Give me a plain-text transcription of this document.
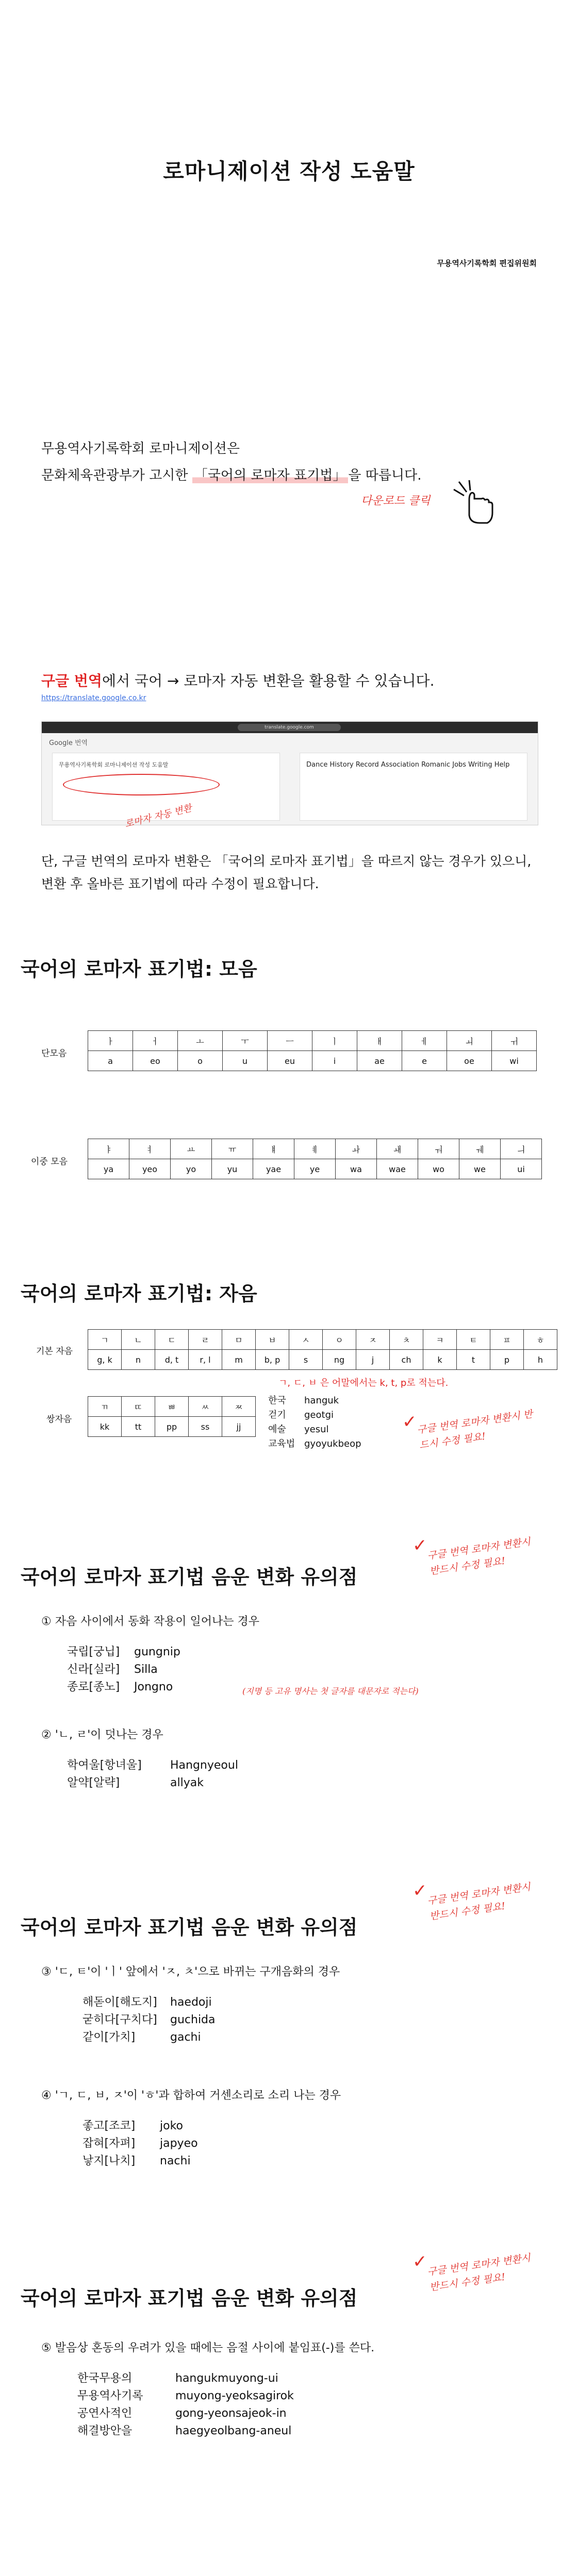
로마니제이션 작성 도움말
무용역사기록학회 편집위원회
무용역사기록학회 로마니제이션은
문화체육관광부가 고시한 「국어의 로마자 표기법」 을 따릅니다.
다운로드 클릭
구글 번역에서 국어 → 로마자 자동 변환을 활용할 수 있습니다.
https://translate.google.co.kr
translate.google.com
Google 번역
무용역사기록학회 로마니제이션 작성 도움말	Dance History Record Association Romanic Jobs Writing Help
로마자 자동 변환
단, 구글 번역의 로마자 변환은 「국어의 로마자 표기법」을 따르지 않는 경우가 있으니, 변환 후 올바른 표기법에 따라 수정이 필요합니다.
국어의 로마자 표기법: 모음
단모음
ㅏ	ㅓ	ㅗ	ㅜ	ㅡ	ㅣ	ㅐ	ㅔ	ㅚ	ㅟ
a	eo	o	u	eu	i	ae	e	oe	wi
이중 모음
ㅑ	ㅕ	ㅛ	ㅠ	ㅒ	ㅖ	ㅘ	ㅙ	ㅝ	ㅞ	ㅢ
ya	yeo	yo	yu	yae	ye	wa	wae	wo	we	ui
국어의 로마자 표기법: 자음
기본 자음
ㄱ	ㄴ	ㄷ	ㄹ	ㅁ	ㅂ	ㅅ	ㅇ	ㅈ	ㅊ	ㅋ	ㅌ	ㅍ	ㅎ
g, k	n	d, t	r, l	m	b, p	s	ng	j	ch	k	t	p	h
ㄱ, ㄷ, ㅂ 은 어말에서는 k, t, p로 적는다.
쌍자음
ㄲ	ㄸ	ㅃ	ㅆ	ㅉ
kk	tt	pp	ss	jj
한국 hanguk
걷기 geotgi
예술 yesul
교육법 gyoyukbeop
✓ 구글 번역 로마자 변환시 반드시 수정 필요!
국어의 로마자 표기법 음운 변화 유의점
✓
구글 번역 로마자 변환시 반드시 수정 필요!
① 자음 사이에서 동화 작용이 일어나는 경우
국립[궁닙] gungnip
신라[실라] Silla
종로[종노] Jongno	(지명 등 고유 명사는 첫 글자를 대문자로 적는다)
② 'ㄴ, ㄹ'이 덧나는 경우
학여울[항녀울]	Hangnyeoul
알약[알략]	allyak
국어의 로마자 표기법 음운 변화 유의점
✓
구글 번역 로마자 변환시 반드시 수정 필요!
③ 'ㄷ, ㅌ'이 'ㅣ' 앞에서 'ㅈ, ㅊ'으로 바뀌는 구개음화의 경우
해돋이[해도지] haedoji
굳히다[구치다] guchida
같이[가치]	gachi
④ 'ㄱ, ㄷ, ㅂ, ㅈ'이 'ㅎ'과 합하여 거센소리로 소리 나는 경우
좋고[조코] joko
잡혀[자펴] japyeo
낳지[나치] nachi
국어의 로마자 표기법 음운 변화 유의점
✓
구글 번역 로마자 변환시 반드시 수정 필요!
⑤ 발음상 혼동의 우려가 있을 때에는 음절 사이에 붙임표(-)를 쓴다.
한국무용의	hangukmuyong-ui
무용역사기록	muyong-yeoksagirok
공연사적인	gong-yeonsajeok-in
해결방안을	haegyeolbang-aneul
